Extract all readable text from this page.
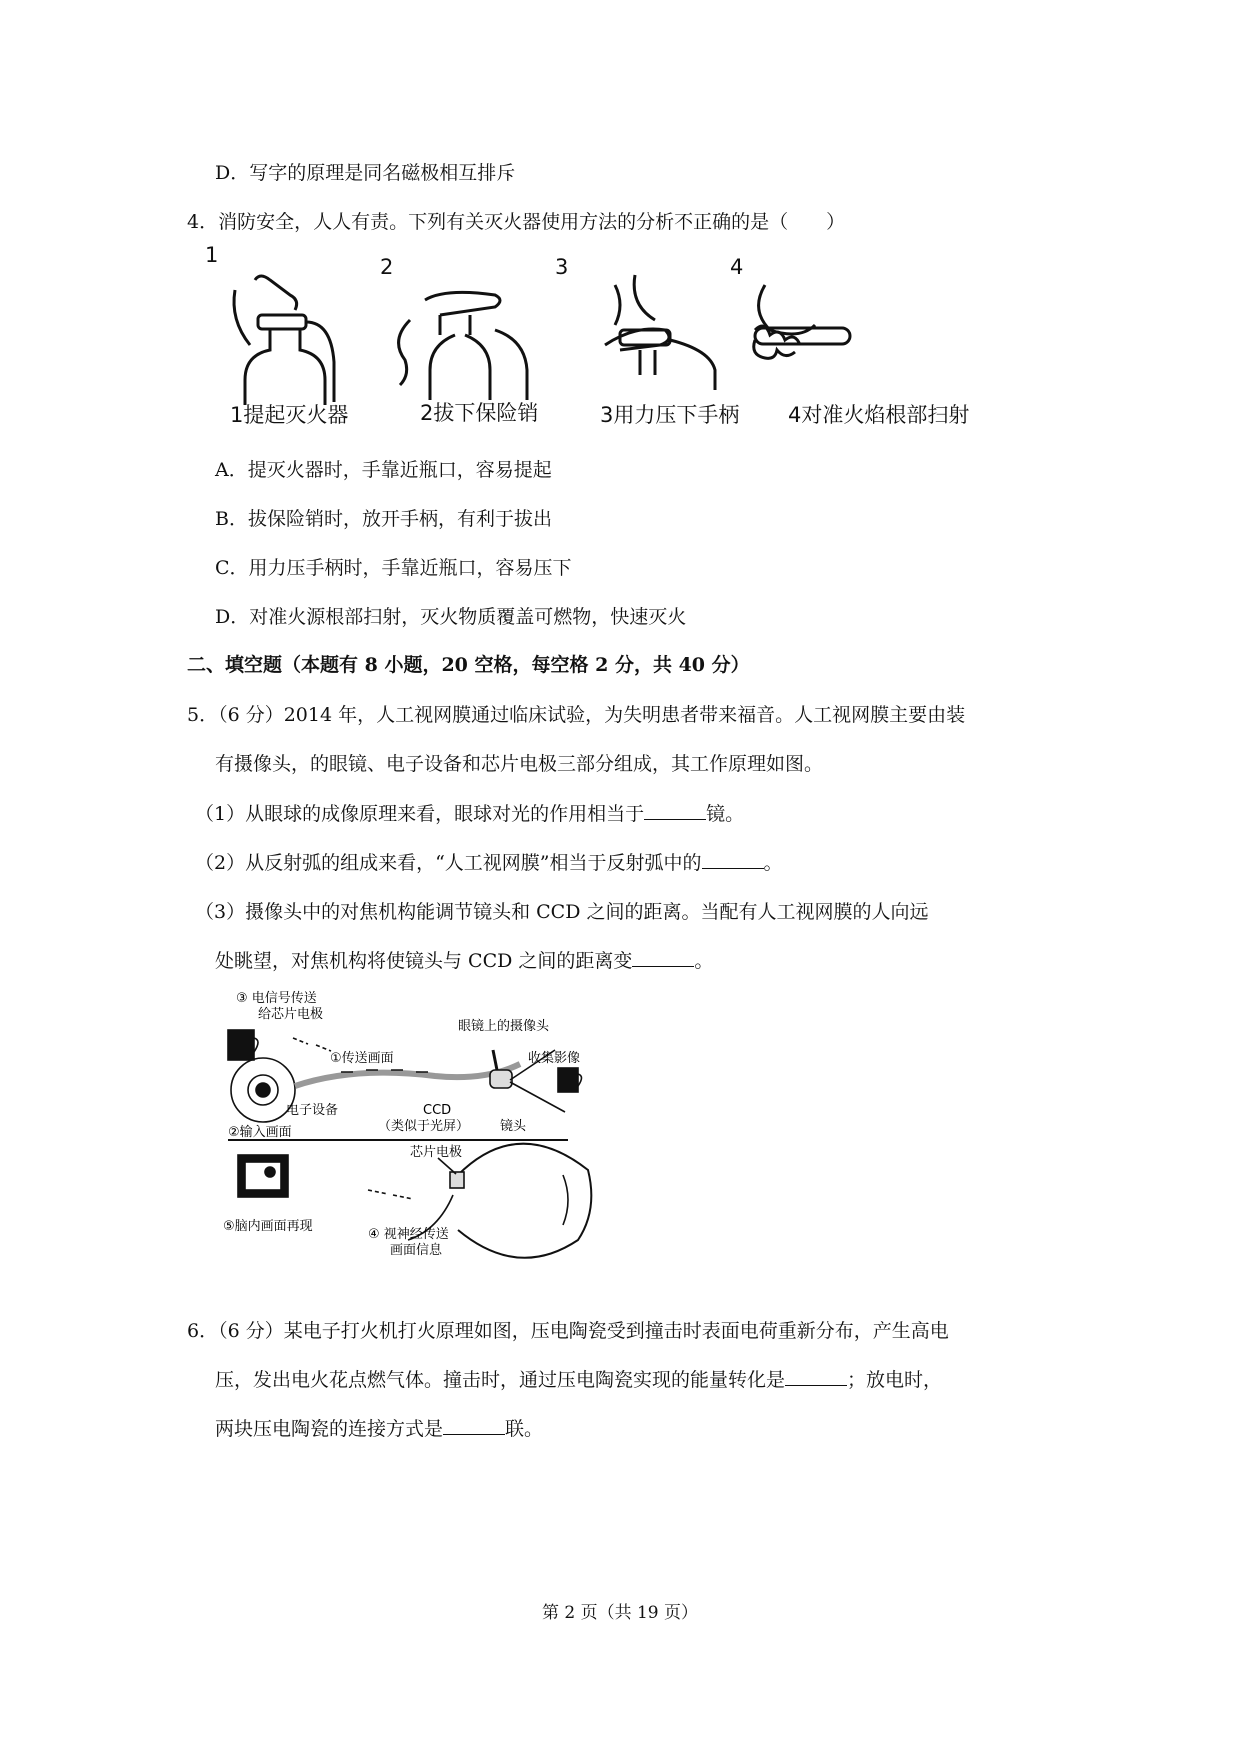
D．写字的原理是同名磁极相互排斥
4．消防安全，人人有责。下列有关灭火器使用方法的分析不正确的是（　　）
1	2	3	4
1提起灭火器	2拔下保险销	3用力压下手柄 4对准火焰根部扫射
A．提灭火器时，手靠近瓶口，容易提起
B．拔保险销时，放开手柄，有利于拔出
C．用力压手柄时，手靠近瓶口，容易压下
D．对准火源根部扫射，灭火物质覆盖可燃物，快速灭火
二、填空题（本题有 8 小题，20 空格，每空格 2 分，共 40 分）
5．（6 分）2014 年，人工视网膜通过临床试验，为失明患者带来福音。人工视网膜主要由装
有摄像头，的眼镜、电子设备和芯片电极三部分组成，其工作原理如图。
（1）从眼球的成像原理来看，眼球对光的作用相当于	镜。
（2）从反射弧的组成来看，“人工视网膜”相当于反射弧中的	。
（3）摄像头中的对焦机构能调节镜头和 CCD 之间的距离。当配有人工视网膜的人向远
处眺望，对焦机构将使镜头与 CCD 之间的距离变	。
③ 电信号传送
给芯片电极
眼镜上的摄像头
①传送画面	收集影像
电子设备	CCD
（类似于光屏） 镜头
②输入画面
芯片电极
⑤脑内画面再现
④ 视神经传送
画面信息
6．（6 分）某电子打火机打火原理如图，压电陶瓷受到撞击时表面电荷重新分布，产生高电
压，发出电火花点燃气体。撞击时，通过压电陶瓷实现的能量转化是	；放电时，
两块压电陶瓷的连接方式是	联。
第 2 页（共 19 页）
